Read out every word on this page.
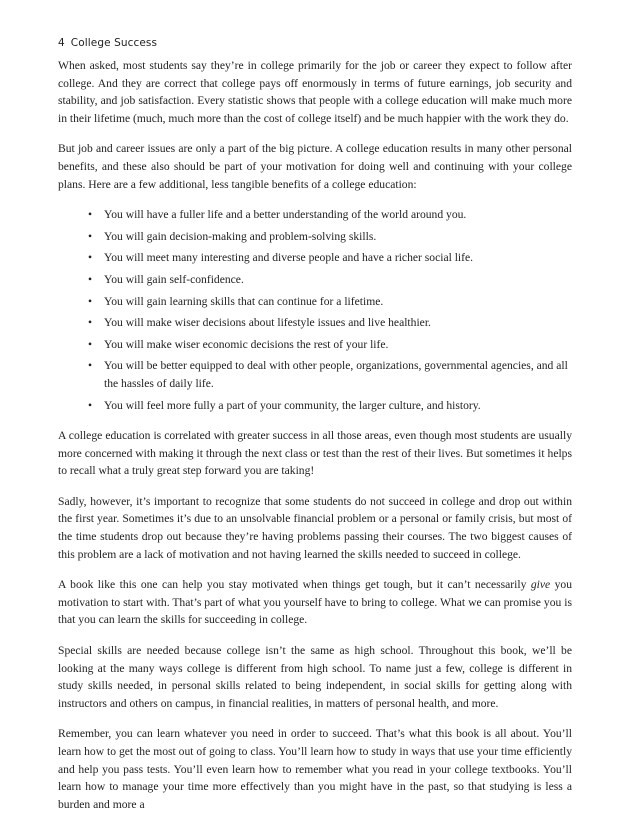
4 College Success

When asked, most students say they’re in college primarily for the job or career they expect to follow after college. And they are correct that college pays off enormously in terms of future earnings, job security and stability, and job satisfaction. Every statistic shows that people with a college education will make much more in their lifetime (much, much more than the cost of college itself) and be much happier with the work they do.

But job and career issues are only a part of the big picture. A college education results in many other personal benefits, and these also should be part of your motivation for doing well and continuing with your college plans. Here are a few additional, less tangible benefits of a college education:

• You will have a fuller life and a better understanding of the world around you.
• You will gain decision-making and problem-solving skills.
• You will meet many interesting and diverse people and have a richer social life.
• You will gain self-confidence.
• You will gain learning skills that can continue for a lifetime.
• You will make wiser decisions about lifestyle issues and live healthier.
• You will make wiser economic decisions the rest of your life.
• You will be better equipped to deal with other people, organizations, governmental agencies, and all the hassles of daily life.
• You will feel more fully a part of your community, the larger culture, and history.

A college education is correlated with greater success in all those areas, even though most students are usually more concerned with making it through the next class or test than the rest of their lives. But sometimes it helps to recall what a truly great step forward you are taking!

Sadly, however, it’s important to recognize that some students do not succeed in college and drop out within the first year. Sometimes it’s due to an unsolvable financial problem or a personal or family crisis, but most of the time students drop out because they’re having problems passing their courses. The two biggest causes of this problem are a lack of motivation and not having learned the skills needed to succeed in college.

A book like this one can help you stay motivated when things get tough, but it can’t necessarily give you motivation to start with. That’s part of what you yourself have to bring to college. What we can promise you is that you can learn the skills for succeeding in college.

Special skills are needed because college isn’t the same as high school. Throughout this book, we’ll be looking at the many ways college is different from high school. To name just a few, college is different in study skills needed, in personal skills related to being independent, in social skills for getting along with instructors and others on campus, in financial realities, in matters of personal health, and more.

Remember, you can learn whatever you need in order to succeed. That’s what this book is all about. You’ll learn how to get the most out of going to class. You’ll learn how to study in ways that use your time efficiently and help you pass tests. You’ll even learn how to remember what you read in your college textbooks. You’ll learn how to manage your time more effectively than you might have in the past, so that studying is less a burden and more a
